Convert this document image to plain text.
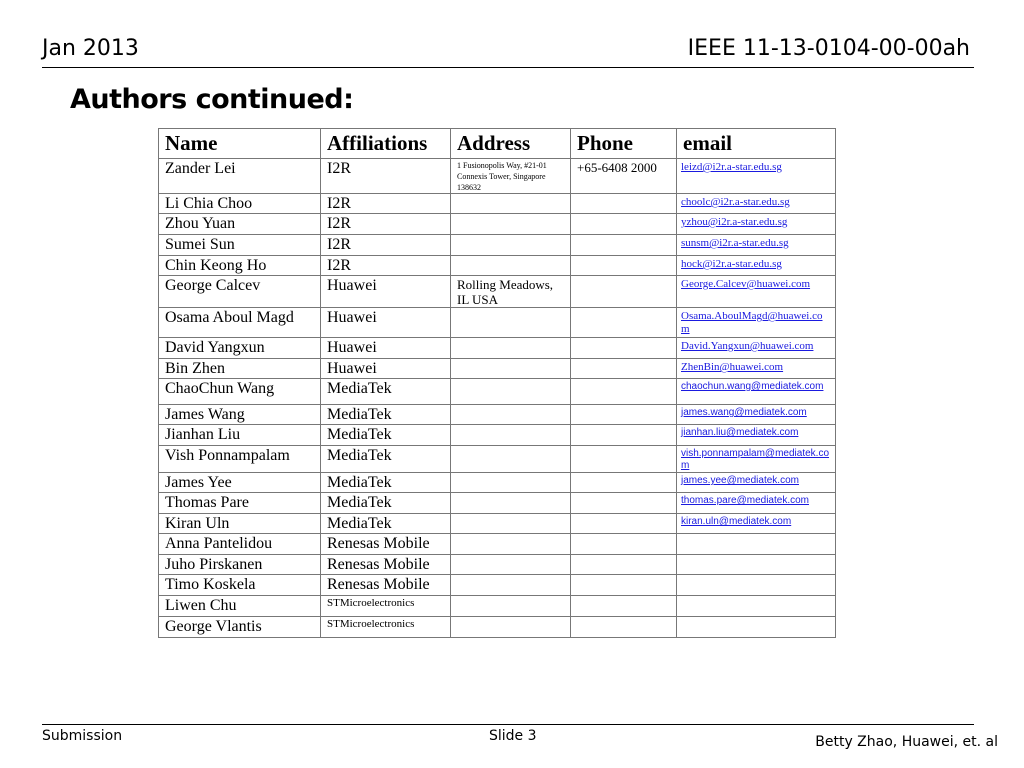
Jan 2013	IEEE 11-13-0104-00-00ah
Authors continued:
Name	Affiliations	Address	Phone	email
Zander Lei	I2R	1 Fusionopolis Way, #21-01 Connexis Tower, Singapore 138632	+65-6408 2000	leizd@i2r.a-star.edu.sg

Li Chia Choo	I2R			choolc@i2r.a-star.edu.sg

Zhou Yuan	I2R			yzhou@i2r.a-star.edu.sg

Sumei Sun	I2R			sunsm@i2r.a-star.edu.sg

Chin Keong Ho	I2R			hock@i2r.a-star.edu.sg

George Calcev	Huawei	Rolling Meadows, IL USA		George.Calcev@huawei.com

Osama Aboul Magd	Huawei			Osama.AboulMagd@huawei.com

David Yangxun	Huawei			David.Yangxun@huawei.com

Bin Zhen	Huawei			ZhenBin@huawei.com

ChaoChun Wang	MediaTek			chaochun.wang@mediatek.com

James Wang	MediaTek			james.wang@mediatek.com

Jianhan Liu	MediaTek			jianhan.liu@mediatek.com

Vish Ponnampalam	MediaTek			vish.ponnampalam@mediatek.com

James Yee	MediaTek			james.yee@mediatek.com

Thomas Pare	MediaTek			thomas.pare@mediatek.com

Kiran Uln	MediaTek			kiran.uln@mediatek.com

Anna Pantelidou	Renesas Mobile			
Juho Pirskanen	Renesas Mobile			
Timo Koskela	Renesas Mobile			
Liwen Chu	STMicroelectronics			
George Vlantis	STMicroelectronics			
Submission	Slide 3	Betty Zhao, Huawei, et. al
